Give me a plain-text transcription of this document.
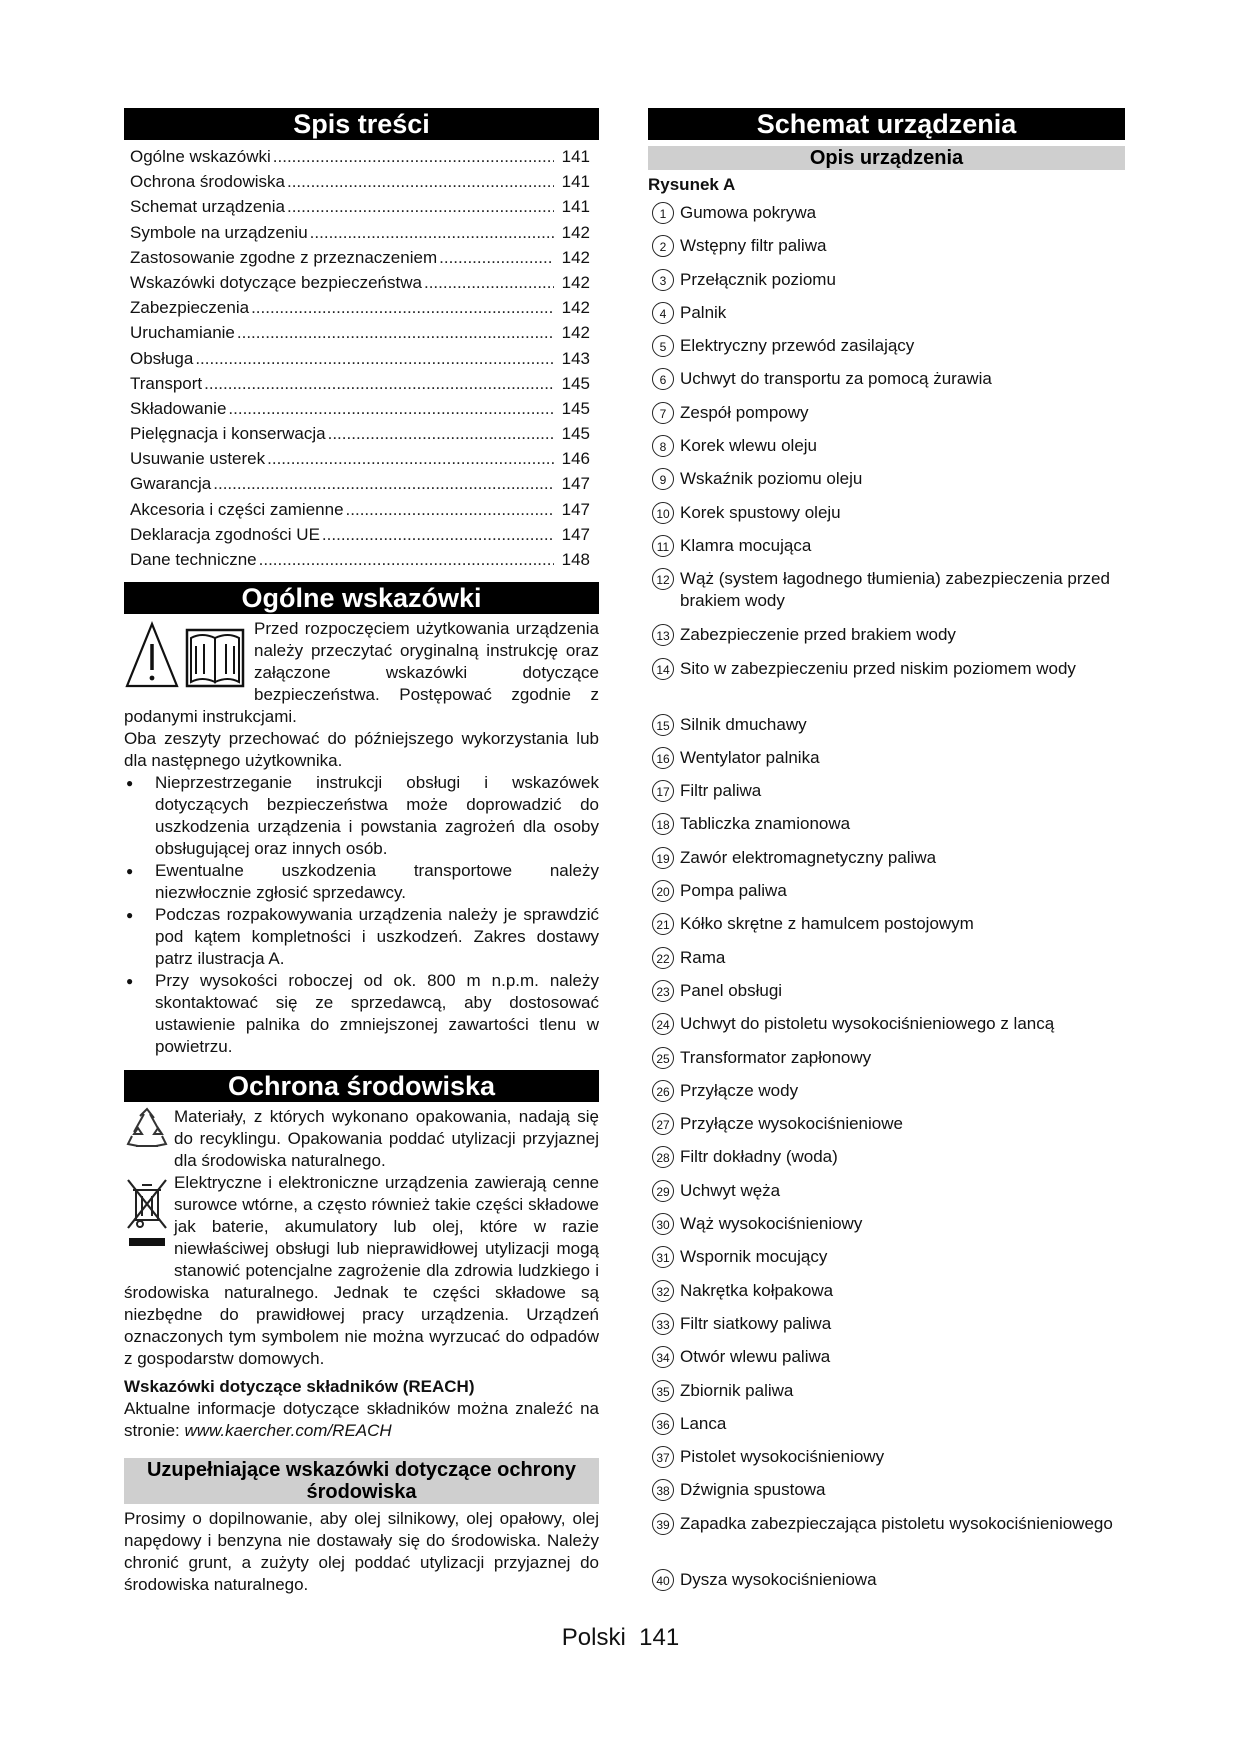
Spis treści
Ogólne wskazówki .....	141
Ochrona środowiska .....	141
Schemat urządzenia .....	141
Symbole na urządzeniu .....	142
Zastosowanie zgodne z przeznaczeniem .....	142
Wskazówki dotyczące bezpieczeństwa .....	142
Zabezpieczenia .....	142
Uruchamianie .....	142
Obsługa .....	143
Transport .....	145
Składowanie .....	145
Pielęgnacja i konserwacja .....	145
Usuwanie usterek .....	146
Gwarancja .....	147
Akcesoria i części zamienne .....	147
Deklaracja zgodności UE .....	147
Dane techniczne .....	148
Ogólne wskazówki

Przed rozpoczęciem użytkowania urządzenia należy przeczytać oryginalną instrukcję oraz załączone wskazówki dotyczące bezpieczeństwa. Postępować zgodnie z podanymi instrukcjami.

Oba zeszyty przechować do późniejszego wykorzystania lub dla następnego użytkownika.

● Nieprzestrzeganie instrukcji obsługi i wskazówek dotyczących bezpieczeństwa może doprowadzić do uszkodzenia urządzenia i powstania zagrożeń dla osoby obsługującej oraz innych osób.
● Ewentualne uszkodzenia transportowe należy niezwłocznie zgłosić sprzedawcy.
● Podczas rozpakowywania urządzenia należy je sprawdzić pod kątem kompletności i uszkodzeń. Zakres dostawy patrz ilustracja A.
● Przy wysokości roboczej od ok. 800 m n.p.m. należy skontaktować się ze sprzedawcą, aby dostosować ustawienie palnika do zmniejszonej zawartości tlenu w powietrzu.
Ochrona środowiska

Materiały, z których wykonano opakowania, nadają się do recyklingu. Opakowania poddać utylizacji przyjaznej dla środowiska naturalnego.

Elektryczne i elektroniczne urządzenia zawierają cenne surowce wtórne, a często również takie części składowe jak baterie, akumulatory lub olej, które w razie niewłaściwej obsługi lub nieprawidłowej utylizacji mogą stanowić potencjalne zagrożenie dla zdrowia ludzkiego i środowiska naturalnego. Jednak te części składowe są niezbędne do prawidłowej pracy urządzenia. Urządzeń oznaczonych tym symbolem nie można wyrzucać do odpadów z gospodarstw domowych.

Wskazówki dotyczące składników (REACH)

Aktualne informacje dotyczące składników można znaleźć na stronie: www.kaercher.com/REACH

Uzupełniające wskazówki dotyczące ochrony środowiska

Prosimy o dopilnowanie, aby olej silnikowy, olej opałowy, olej napędowy i benzyna nie dostawały się do środowiska. Należy chronić grunt, a zużyty olej poddać utylizacji przyjaznej do środowiska naturalnego.

Schemat urządzenia
Opis urządzenia
Rysunek A
1 Gumowa pokrywa
2 Wstępny filtr paliwa
3 Przełącznik poziomu
4 Palnik
5 Elektryczny przewód zasilający
6 Uchwyt do transportu za pomocą żurawia
7 Zespół pompowy
8 Korek wlewu oleju
9 Wskaźnik poziomu oleju
10 Korek spustowy oleju
11 Klamra mocująca
12 Wąż (system łagodnego tłumienia) zabezpieczenia przed brakiem wody
13 Zabezpieczenie przed brakiem wody
14 Sito w zabezpieczeniu przed niskim poziomem wody
15 Silnik dmuchawy
16 Wentylator palnika
17 Filtr paliwa
18 Tabliczka znamionowa
19 Zawór elektromagnetyczny paliwa
20 Pompa paliwa
21 Kółko skrętne z hamulcem postojowym
22 Rama
23 Panel obsługi
24 Uchwyt do pistoletu wysokociśnieniowego z lancą
25 Transformator zapłonowy
26 Przyłącze wody
27 Przyłącze wysokociśnieniowe
28 Filtr dokładny (woda)
29 Uchwyt węża
30 Wąż wysokociśnieniowy
31 Wspornik mocujący
32 Nakrętka kołpakowa
33 Filtr siatkowy paliwa
34 Otwór wlewu paliwa
35 Zbiornik paliwa
36 Lanca
37 Pistolet wysokociśnieniowy
38 Dźwignia spustowa
39 Zapadka zabezpieczająca pistoletu wysokociśnieniowego
40 Dysza wysokociśnieniowa
Polski 141
